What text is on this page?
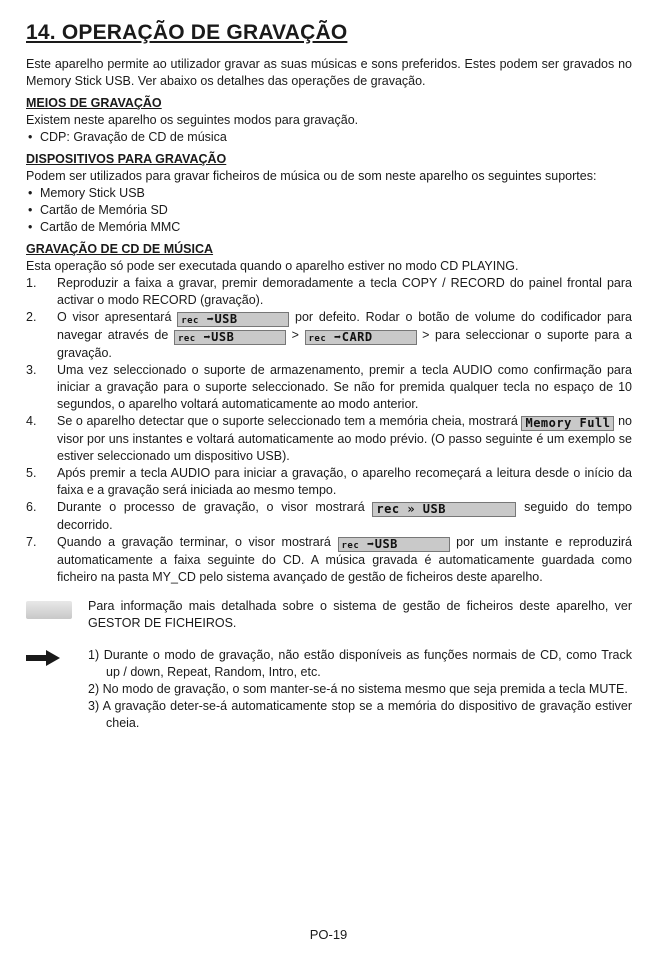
14. OPERAÇÃO DE GRAVAÇÃO

Este aparelho permite ao utilizador gravar as suas músicas e sons preferidos. Estes podem ser gravados no Memory Stick USB. Ver abaixo os detalhes das operações de gravação.

MEIOS DE GRAVAÇÃO

Existem neste aparelho os seguintes modos para gravação.

• CDP: Gravação de CD de música

DISPOSITIVOS PARA GRAVAÇÃO

Podem ser utilizados para gravar ficheiros de música ou de som neste aparelho os seguintes suportes:

• Memory Stick USB

• Cartão de Memória SD

• Cartão de Memória MMC

GRAVAÇÃO DE CD DE MÚSICA

Esta operação só pode ser executada quando o aparelho estiver no modo CD PLAYING.

1. Reproduzir a faixa a gravar, premir demoradamente a tecla COPY / RECORD do painel frontal para activar o modo RECORD (gravação).
2. O visor apresentará rec ➡USB	por defeito. Rodar o botão de volume do codificador para navegar através de rec ➡USB	> rec ➡CARD	> para seleccionar o suporte para a gravação.
3. Uma vez seleccionado o suporte de armazenamento, premir a tecla AUDIO como confirmação para iniciar a gravação para o suporte seleccionado. Se não for premida qualquer tecla no espaço de 10 segundos, o aparelho voltará automaticamente ao modo anterior.
4. Se o aparelho detectar que o suporte seleccionado tem a memória cheia, mostrará Memory Full no visor por uns instantes e voltará automaticamente ao modo prévio. (O passo seguinte é um exemplo se estiver seleccionado um dispositivo USB).
5. Após premir a tecla AUDIO para iniciar a gravação, o aparelho recomeçará a leitura desde o início da faixa e a gravação será iniciada ao mesmo tempo.
6. Durante o processo de gravação, o visor mostrará rec » USB	seguido do tempo decorrido.
7. Quando a gravação terminar, o visor mostrará rec ➡USB	por um instante e reproduzirá automaticamente a faixa seguinte do CD. A música gravada é automaticamente guardada como ficheiro na pasta MY_CD pelo sistema avançado de gestão de ficheiros deste aparelho.

Para informação mais detalhada sobre o sistema de gestão de ficheiros deste aparelho, ver GESTOR DE FICHEIROS.

1) Durante o modo de gravação, não estão disponíveis as funções normais de CD, como Track up / down, Repeat, Random, Intro, etc.

2) No modo de gravação, o som manter-se-á no sistema mesmo que seja premida a tecla MUTE.

3) A gravação deter-se-á automaticamente stop se a memória do dispositivo de gravação estiver cheia.

PO-19
